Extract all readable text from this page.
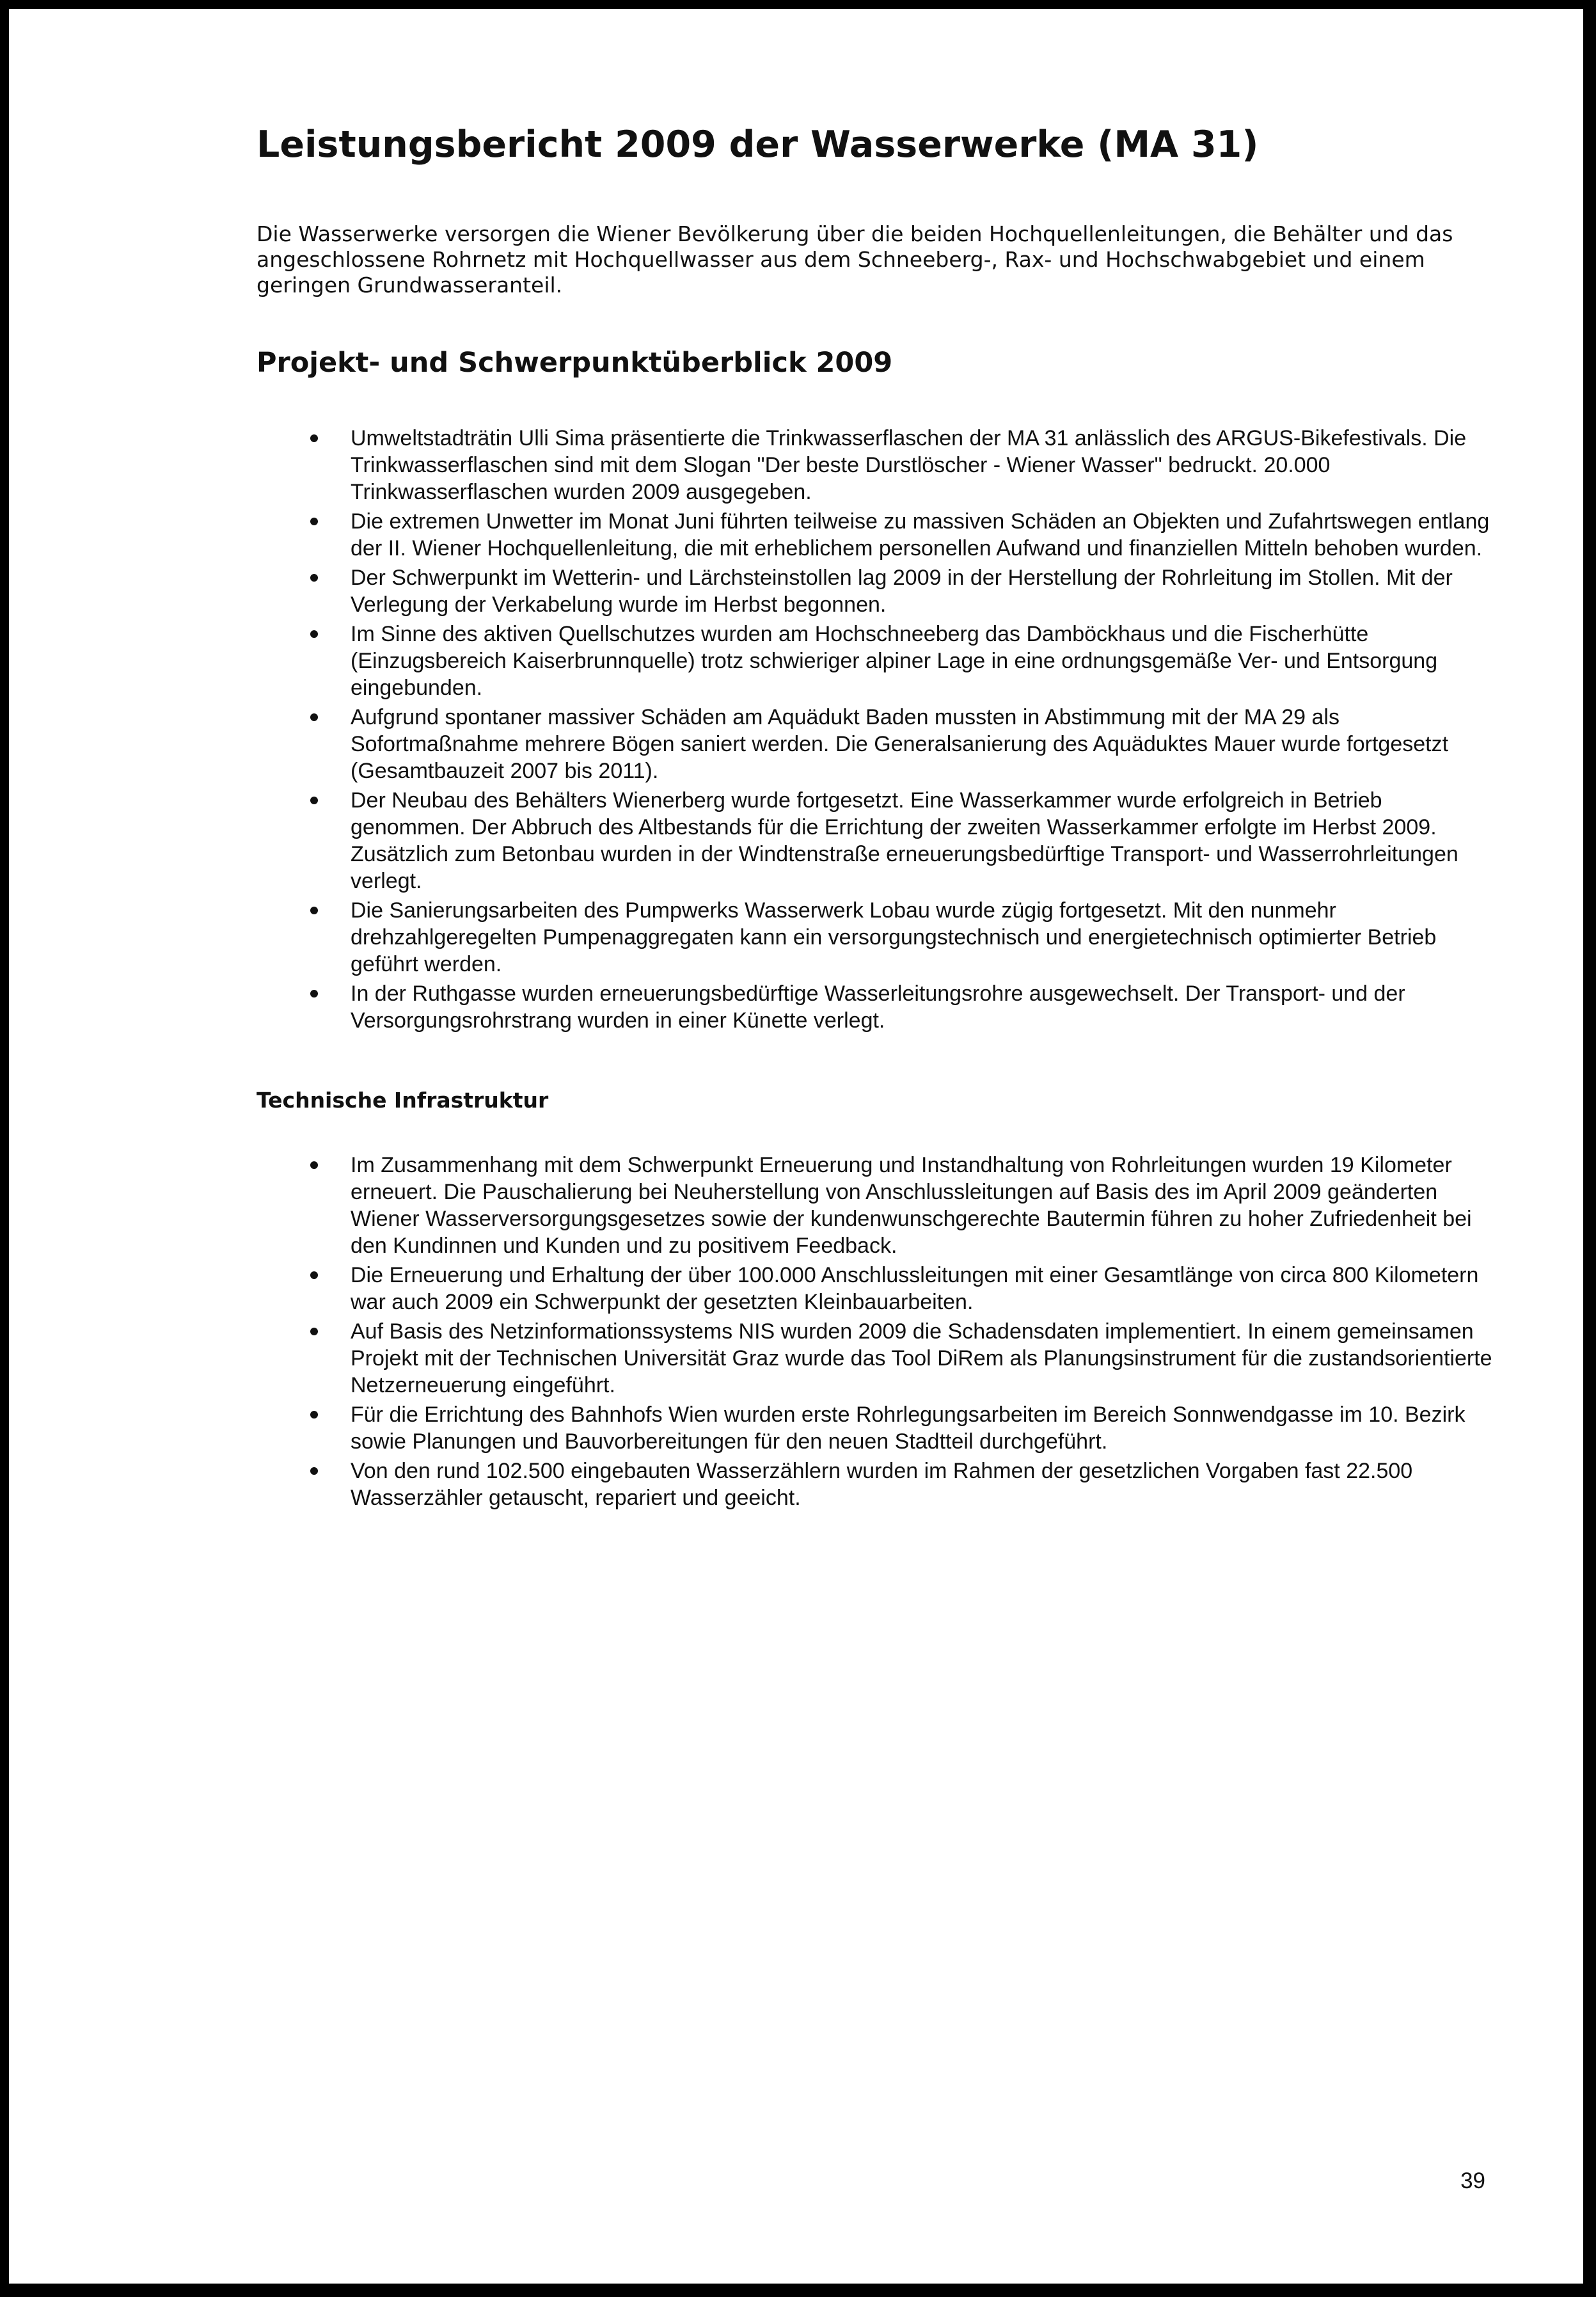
Leistungsbericht 2009 der Wasserwerke (MA 31)

Die Wasserwerke versorgen die Wiener Bevölkerung über die beiden Hochquellenleitungen, die Behälter und das angeschlossene Rohrnetz mit Hochquellwasser aus dem Schneeberg-, Rax- und Hochschwabgebiet und einem geringen Grundwasseranteil.

Projekt- und Schwerpunktüberblick 2009
Umweltstadträtin Ulli Sima präsentierte die Trinkwasserflaschen der MA 31 anlässlich des ARGUS-Bikefestivals. Die Trinkwasserflaschen sind mit dem Slogan "Der beste Durstlöscher - Wiener Wasser" bedruckt. 20.000 Trinkwasserflaschen wurden 2009 ausgegeben.
Die extremen Unwetter im Monat Juni führten teilweise zu massiven Schäden an Objekten und Zufahrtswegen entlang der II. Wiener Hochquellenleitung, die mit erheblichem personellen Aufwand und finanziellen Mitteln behoben wurden.
Der Schwerpunkt im Wetterin- und Lärchsteinstollen lag 2009 in der Herstellung der Rohrleitung im Stollen. Mit der Verlegung der Verkabelung wurde im Herbst begonnen.
Im Sinne des aktiven Quellschutzes wurden am Hochschneeberg das Damböckhaus und die Fischerhütte (Einzugsbereich Kaiserbrunnquelle) trotz schwieriger alpiner Lage in eine ordnungsgemäße Ver- und Entsorgung eingebunden.
Aufgrund spontaner massiver Schäden am Aquädukt Baden mussten in Abstimmung mit der MA 29 als Sofortmaßnahme mehrere Bögen saniert werden. Die Generalsanierung des Aquäduktes Mauer wurde fortgesetzt (Gesamtbauzeit 2007 bis 2011).
Der Neubau des Behälters Wienerberg wurde fortgesetzt. Eine Wasserkammer wurde erfolgreich in Betrieb genommen. Der Abbruch des Altbestands für die Errichtung der zweiten Wasserkammer erfolgte im Herbst 2009. Zusätzlich zum Betonbau wurden in der Windtenstraße erneuerungsbedürftige Transport- und Wasserrohrleitungen verlegt.
Die Sanierungsarbeiten des Pumpwerks Wasserwerk Lobau wurde zügig fortgesetzt. Mit den nunmehr drehzahlgeregelten Pumpenaggregaten kann ein versorgungstechnisch und energietechnisch optimierter Betrieb geführt werden.
In der Ruthgasse wurden erneuerungsbedürftige Wasserleitungsrohre ausgewechselt. Der Transport- und der Versorgungsrohrstrang wurden in einer Künette verlegt.
Technische Infrastruktur
Im Zusammenhang mit dem Schwerpunkt Erneuerung und Instandhaltung von Rohrleitungen wurden 19 Kilometer erneuert. Die Pauschalierung bei Neuherstellung von Anschlussleitungen auf Basis des im April 2009 geänderten Wiener Wasserversorgungsgesetzes sowie der kundenwunschgerechte Bautermin führen zu hoher Zufriedenheit bei den Kundinnen und Kunden und zu positivem Feedback.
Die Erneuerung und Erhaltung der über 100.000 Anschlussleitungen mit einer Gesamtlänge von circa 800 Kilometern war auch 2009 ein Schwerpunkt der gesetzten Kleinbauarbeiten.
Auf Basis des Netzinformationssystems NIS wurden 2009 die Schadensdaten implementiert. In einem gemeinsamen Projekt mit der Technischen Universität Graz wurde das Tool DiRem als Planungsinstrument für die zustandsorientierte Netzerneuerung eingeführt.
Für die Errichtung des Bahnhofs Wien wurden erste Rohrlegungsarbeiten im Bereich Sonnwendgasse im 10. Bezirk sowie Planungen und Bauvorbereitungen für den neuen Stadtteil durchgeführt.
Von den rund 102.500 eingebauten Wasserzählern wurden im Rahmen der gesetzlichen Vorgaben fast 22.500 Wasserzähler getauscht, repariert und geeicht.
39
